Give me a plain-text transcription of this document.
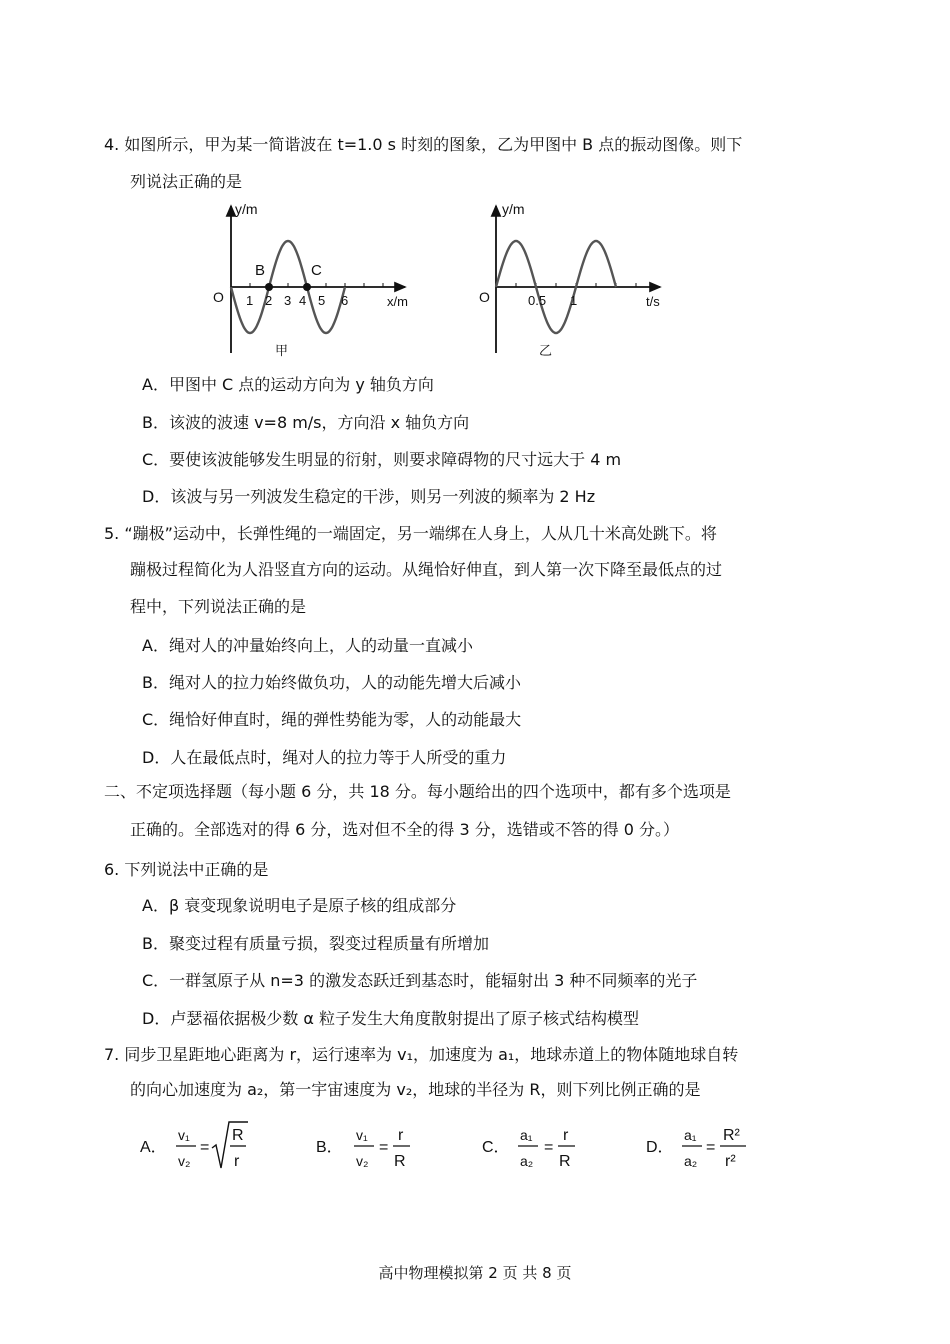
4. 如图所示，甲为某一简谐波在 t=1.0 s 时刻的图象，乙为甲图中 B 点的振动图像。则下
列说法正确的是
y/m
O
B	C
1 2 3 4 5 6	x/m
甲
y/m
O	0.5 1	t/s
乙
A．甲图中 C 点的运动方向为 y 轴负方向
B．该波的波速 v=8 m/s，方向沿 x 轴负方向
C．要使该波能够发生明显的衍射，则要求障碍物的尺寸远大于 4 m
D．该波与另一列波发生稳定的干涉，则另一列波的频率为 2 Hz
5. “蹦极”运动中，长弹性绳的一端固定，另一端绑在人身上，人从几十米高处跳下。将
蹦极过程简化为人沿竖直方向的运动。从绳恰好伸直，到人第一次下降至最低点的过
程中，下列说法正确的是
A．绳对人的冲量始终向上，人的动量一直减小
B．绳对人的拉力始终做负功，人的动能先增大后减小
C．绳恰好伸直时，绳的弹性势能为零，人的动能最大
D．人在最低点时，绳对人的拉力等于人所受的重力
二、不定项选择题（每小题 6 分，共 18 分。每小题给出的四个选项中，都有多个选项是
正确的。全部选对的得 6 分，选对但不全的得 3 分，选错或不答的得 0 分。）
6. 下列说法中正确的是
A．β 衰变现象说明电子是原子核的组成部分
B．聚变过程有质量亏损，裂变过程质量有所增加
C．一群氢原子从 n=3 的激发态跃迁到基态时，能辐射出 3 种不同频率的光子
D．卢瑟福依据极少数 α 粒子发生大角度散射提出了原子核式结构模型
7. 同步卫星距地心距离为 r，运行速率为 v₁，加速度为 a₁，地球赤道上的物体随地球自转
的向心加速度为 a₂，第一宇宙速度为 v₂，地球的半径为 R，则下列比例正确的是
A．
v₁
v₂
=
R
r
B．
v₁
v₂
=
r
R
C．
a₁
a₂
=
r
R
D．
a₁
a₂
=
R²
r²
高中物理模拟第 2 页 共 8 页
